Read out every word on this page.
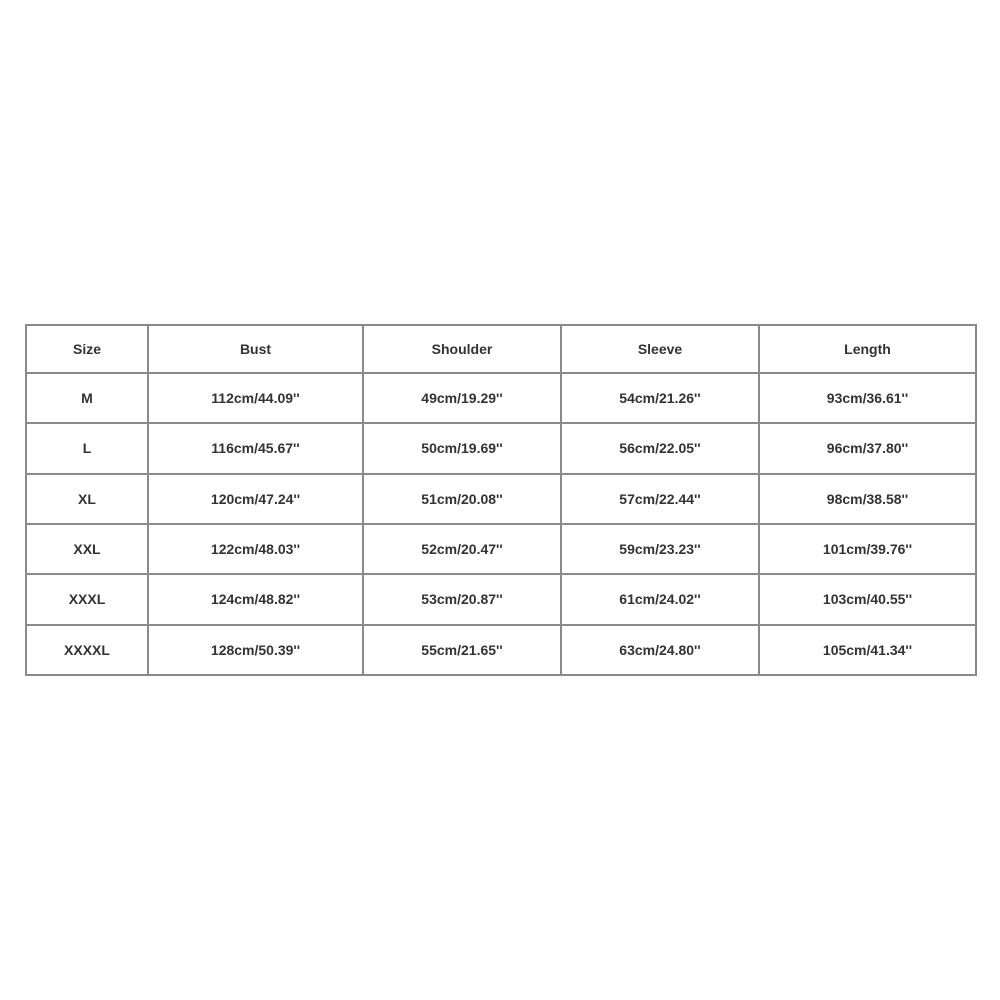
Size	Bust	Shoulder	Sleeve	Length
M	112cm/44.09''	49cm/19.29''	54cm/21.26''	93cm/36.61''
L	116cm/45.67''	50cm/19.69''	56cm/22.05''	96cm/37.80''
XL	120cm/47.24''	51cm/20.08''	57cm/22.44''	98cm/38.58''
XXL	122cm/48.03''	52cm/20.47''	59cm/23.23''	101cm/39.76''
XXXL	124cm/48.82''	53cm/20.87''	61cm/24.02''	103cm/40.55''
XXXXL	128cm/50.39''	55cm/21.65''	63cm/24.80''	105cm/41.34''
